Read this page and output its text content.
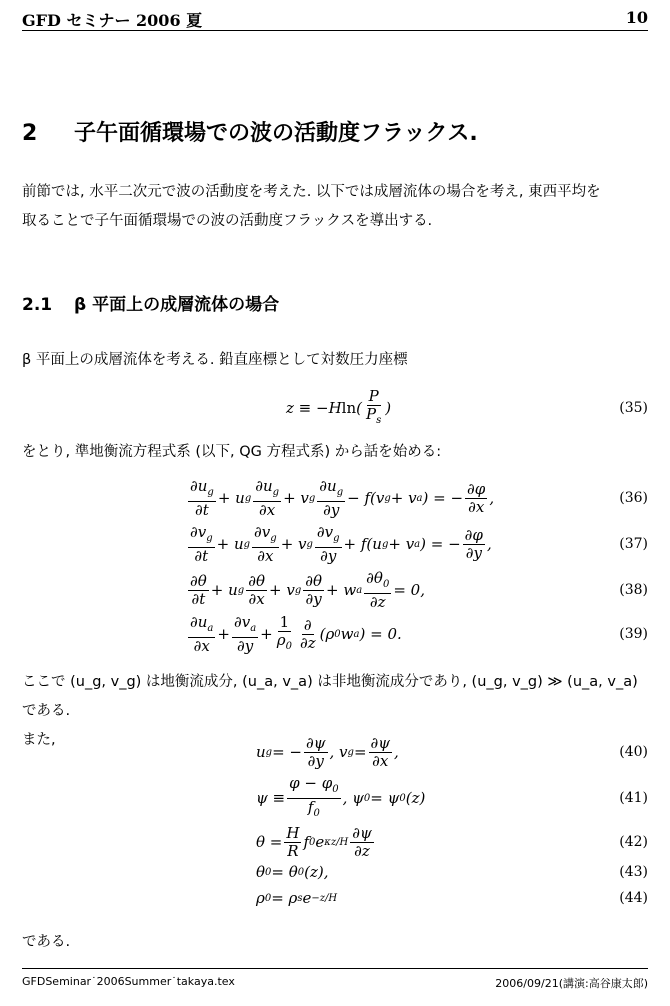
GFD セミナー 2006 夏	10
2 子午面循環場での波の活動度フラックス.
前節では, 水平二次元で波の活動度を考えた. 以下では成層流体の場合を考え, 東西平均を
取ることで子午面循環場での波の活動度フラックスを導出する.
2.1 β 平面上の成層流体の場合
β 平面上の成層流体を考える. 鉛直座標として対数圧力座標
z ≡ −H ln (
P
$P_s$
)	(35)
をとり, 準地衡流方程式系 (以下, QG 方程式系) から話を始める:
$\partial u_g$
∂t
+ u g
$\partial u_g$
∂x
+ v g
$\partial u_g$
∂y
− f(v g + v a ) = −
∂φ
∂x ,	(36)
$\partial v_g$
∂t
+ u g
$\partial v_g$
∂x
+ v g
$\partial v_g$
∂y
+ f(u g + v a ) = −
∂φ
∂y ,	(37)
∂θ
∂t + u g
∂θ
∂x + v g
∂θ
∂y + w a
$\partial\theta_0$
∂z
= 0,	(38)
$\partial u_a$
∂x
+
$\partial v_a$
∂y
+
1
$\rho_0$
∂
∂z (ρ 0 w a ) = 0.	(39)
ここで (u_g, v_g) は地衡流成分, (u_a, v_a) は非地衡流成分であり, (u_g, v_g) ≫ (u_a, v_a) である.
また,
u g = −
∂ψ
∂y , v g =
∂ψ
∂x ,	(40)
ψ ≡
$\varphi - \varphi_0$
$f_0$
, ψ 0 = ψ 0 (z)	(41)
θ =
H
R f 0 e κz/H
∂ψ
∂z	(42)
θ 0 = θ 0 (z),	(43)
ρ 0 = ρ s e −z/H	(44)
である.
GFDSeminar˙2006Summer˙takaya.tex	2006/09/21(講演:高谷康太郎)
